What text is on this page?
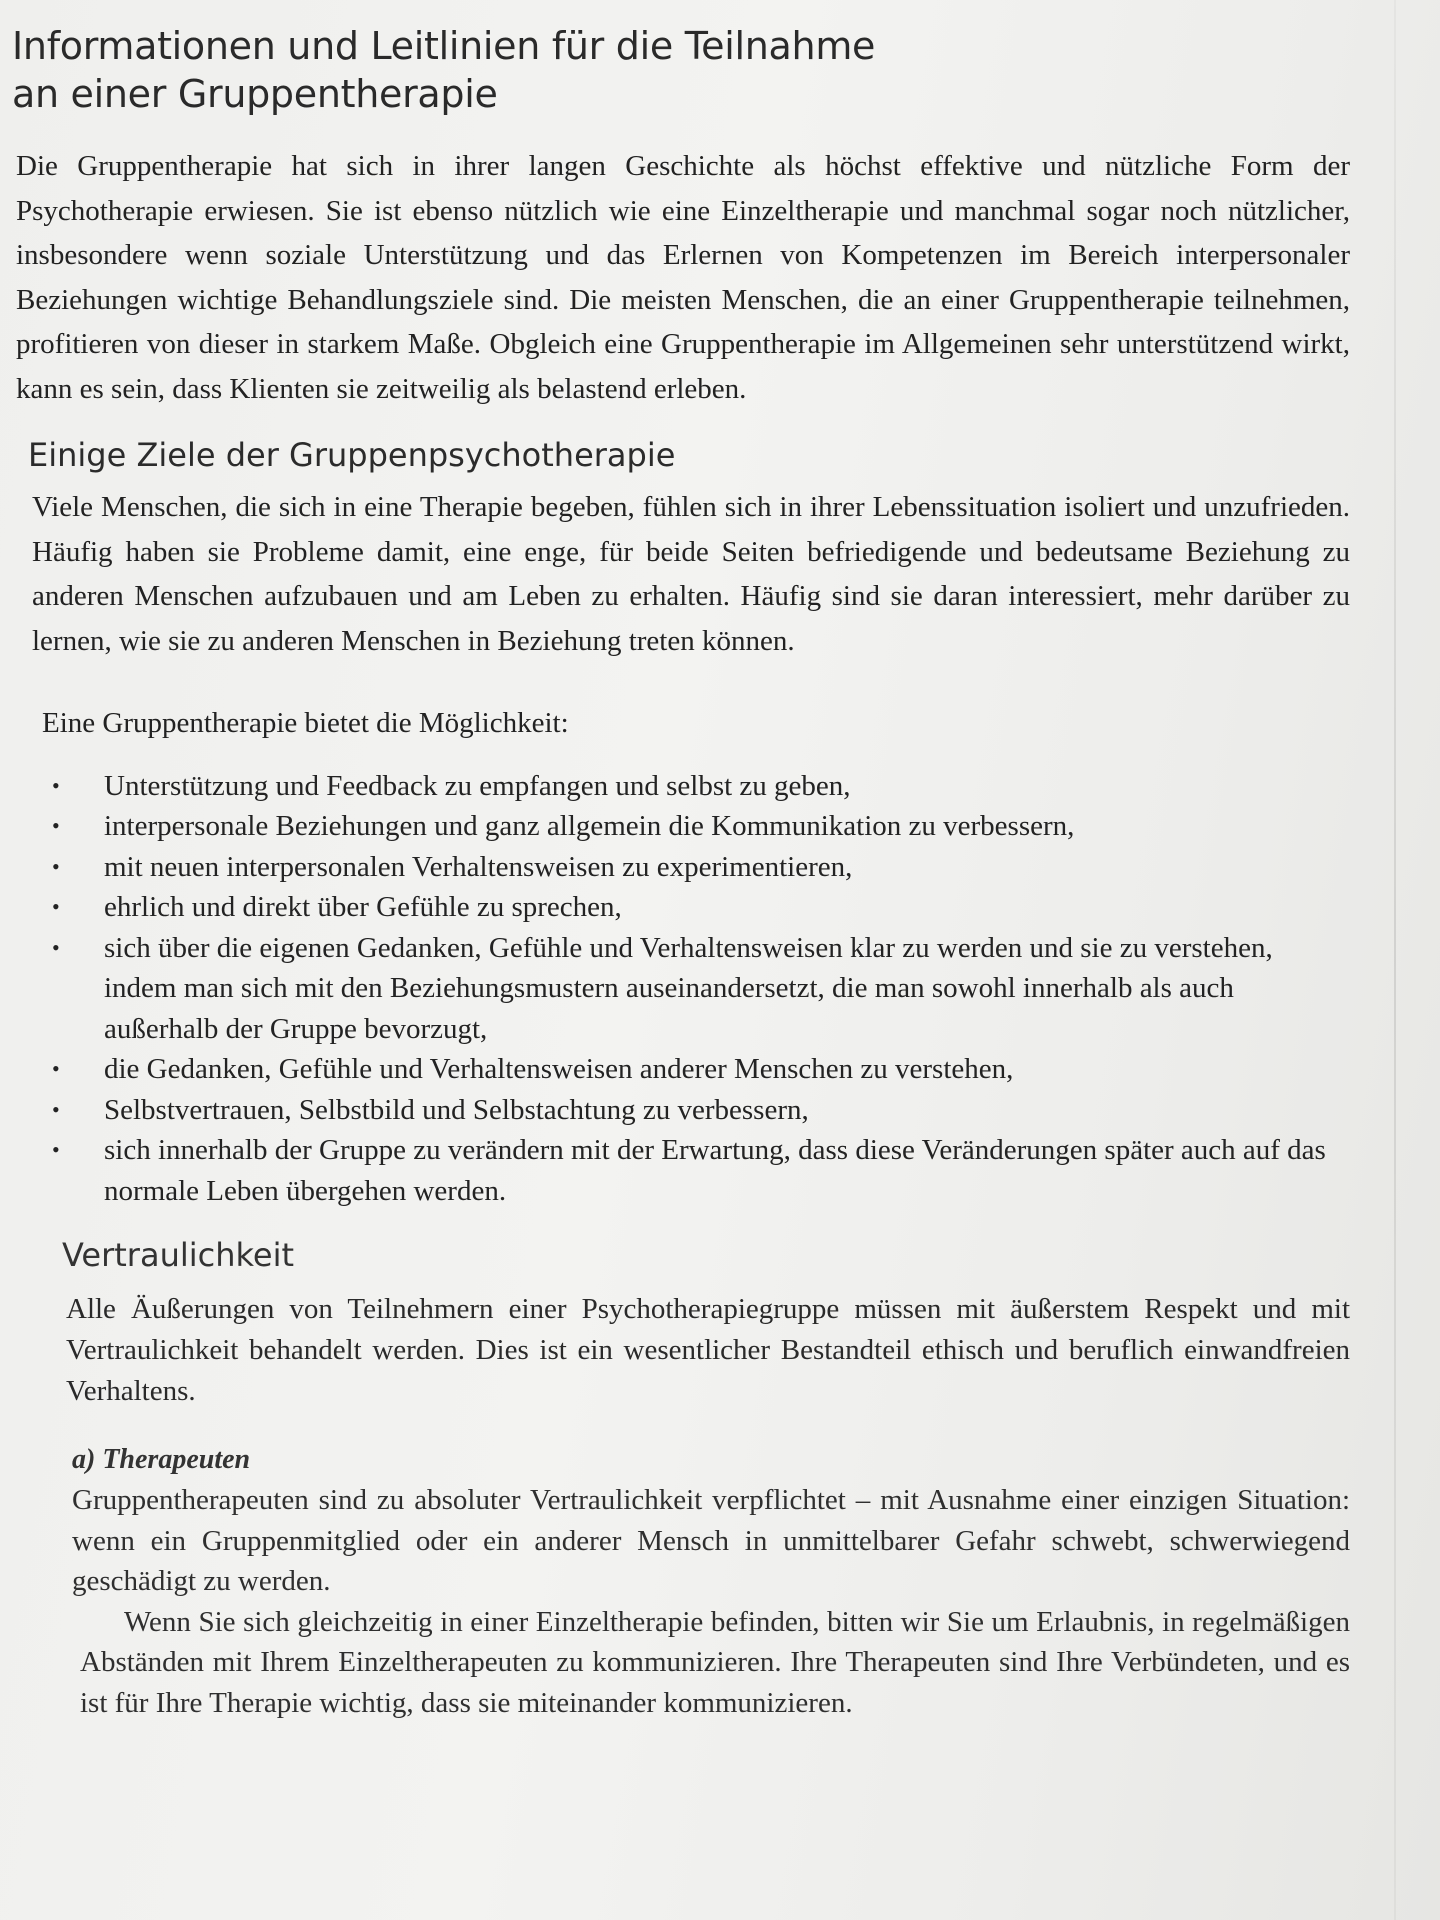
Informationen und Leitlinien für die Teilnahme
an einer Gruppentherapie

Die Gruppentherapie hat sich in ihrer langen Geschichte als höchst effektive und nützliche Form der Psychotherapie erwiesen. Sie ist ebenso nützlich wie eine Einzeltherapie und manchmal sogar noch nützlicher, insbesondere wenn soziale Unterstützung und das Erlernen von Kompetenzen im Bereich interpersonaler Beziehungen wichtige Behandlungsziele sind. Die meisten Menschen, die an einer Gruppentherapie teilnehmen, profitieren von dieser in starkem Maße. Obgleich eine Gruppentherapie im Allgemeinen sehr unterstützend wirkt, kann es sein, dass Klienten sie zeitweilig als belastend erleben.

Einige Ziele der Gruppenpsychotherapie

Viele Menschen, die sich in eine Therapie begeben, fühlen sich in ihrer Lebenssituation isoliert und unzufrieden. Häufig haben sie Probleme damit, eine enge, für beide Seiten befriedigende und bedeutsame Beziehung zu anderen Menschen aufzubauen und am Leben zu erhalten. Häufig sind sie daran interessiert, mehr darüber zu lernen, wie sie zu anderen Menschen in Beziehung treten können.

Eine Gruppentherapie bietet die Möglichkeit:

•	Unterstützung und Feedback zu empfangen und selbst zu geben,
•	interpersonale Beziehungen und ganz allgemein die Kommunikation zu verbessern,
•	mit neuen interpersonalen Verhaltensweisen zu experimentieren,
•	ehrlich und direkt über Gefühle zu sprechen,
•	sich über die eigenen Gedanken, Gefühle und Verhaltensweisen klar zu werden und sie zu verstehen, indem man sich mit den Beziehungsmustern auseinandersetzt, die man sowohl innerhalb als auch außerhalb der Gruppe bevorzugt,
•	die Gedanken, Gefühle und Verhaltensweisen anderer Menschen zu verstehen,
•	Selbstvertrauen, Selbstbild und Selbstachtung zu verbessern,
•	sich innerhalb der Gruppe zu verändern mit der Erwartung, dass diese Veränderungen später auch auf das normale Leben übergehen werden.
Vertraulichkeit

Alle Äußerungen von Teilnehmern einer Psychotherapiegruppe müssen mit äußerstem Respekt und mit Vertraulichkeit behandelt werden. Dies ist ein wesentlicher Bestandteil ethisch und beruflich einwandfreien Verhaltens.

a) Therapeuten

Gruppentherapeuten sind zu absoluter Vertraulichkeit verpflichtet – mit Ausnahme einer einzigen Situation: wenn ein Gruppenmitglied oder ein anderer Mensch in unmittelbarer Gefahr schwebt, schwerwiegend geschädigt zu werden.

Wenn Sie sich gleichzeitig in einer Einzeltherapie befinden, bitten wir Sie um Erlaubnis, in regelmäßigen Abständen mit Ihrem Einzeltherapeuten zu kommunizieren. Ihre Therapeuten sind Ihre Verbündeten, und es ist für Ihre Therapie wichtig, dass sie miteinander kommunizieren.
